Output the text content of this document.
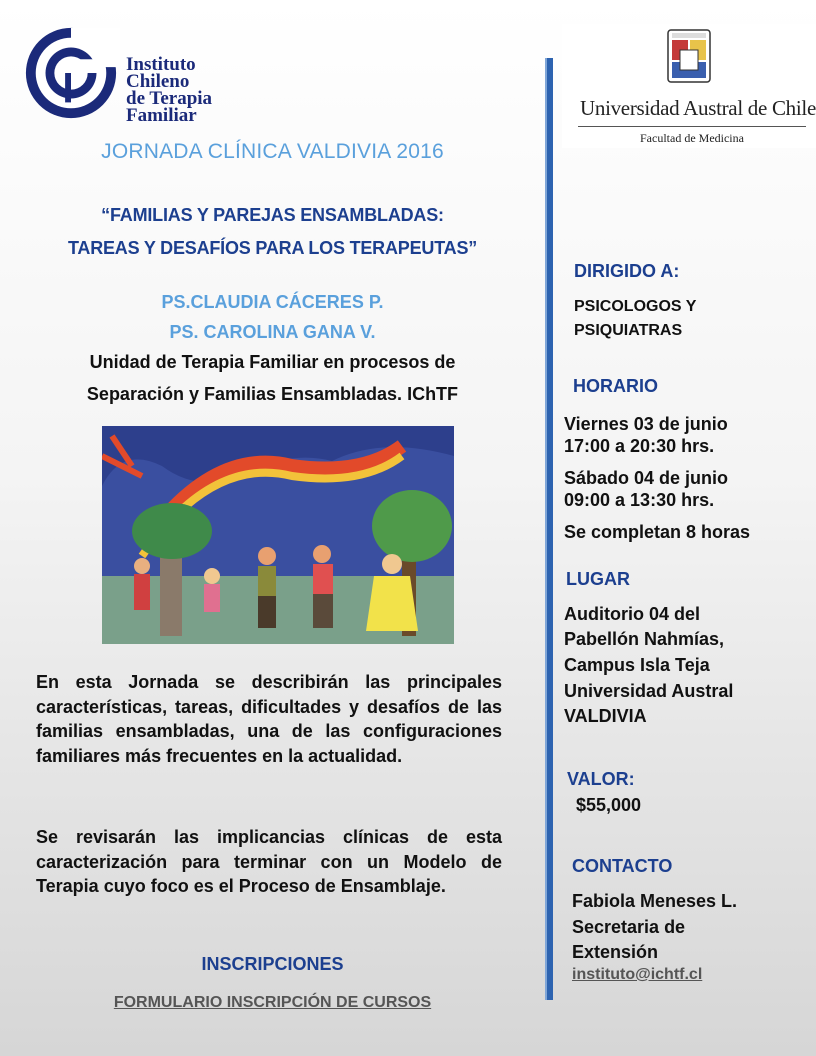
Instituto
Chileno
de Terapia
Familiar	Universidad Austral de Chile
Facultad de Medicina
JORNADA CLÍNICA VALDIVIA 2016
“FAMILIAS Y PAREJAS ENSAMBLADAS:
TAREAS Y DESAFÍOS PARA LOS TERAPEUTAS”
PS.CLAUDIA CÁCERES P.
PS. CAROLINA GANA V.
Unidad de Terapia Familiar en procesos de
Separación y Familias Ensambladas. IChTF
En esta Jornada se describirán las principales características, tareas, dificultades y desafíos de las familias ensambladas, una de las configuraciones familiares más frecuentes en la actualidad.
Se revisarán las implicancias clínicas de esta caracterización para terminar con un Modelo de Terapia cuyo foco es el Proceso de Ensamblaje.
INSCRIPCIONES
FORMULARIO INSCRIPCIÓN DE CURSOS
DIRIGIDO A:
PSICOLOGOS Y
PSIQUIATRAS
HORARIO
Viernes 03 de junio
17:00 a 20:30 hrs.
Sábado 04 de junio
09:00 a 13:30 hrs.
Se completan 8 horas
LUGAR
Auditorio 04 del
Pabellón Nahmías,
Campus Isla Teja
Universidad Austral
VALDIVIA
VALOR:
$55,000
CONTACTO
Fabiola Meneses L.
Secretaria de
Extensión
instituto@ichtf.cl
